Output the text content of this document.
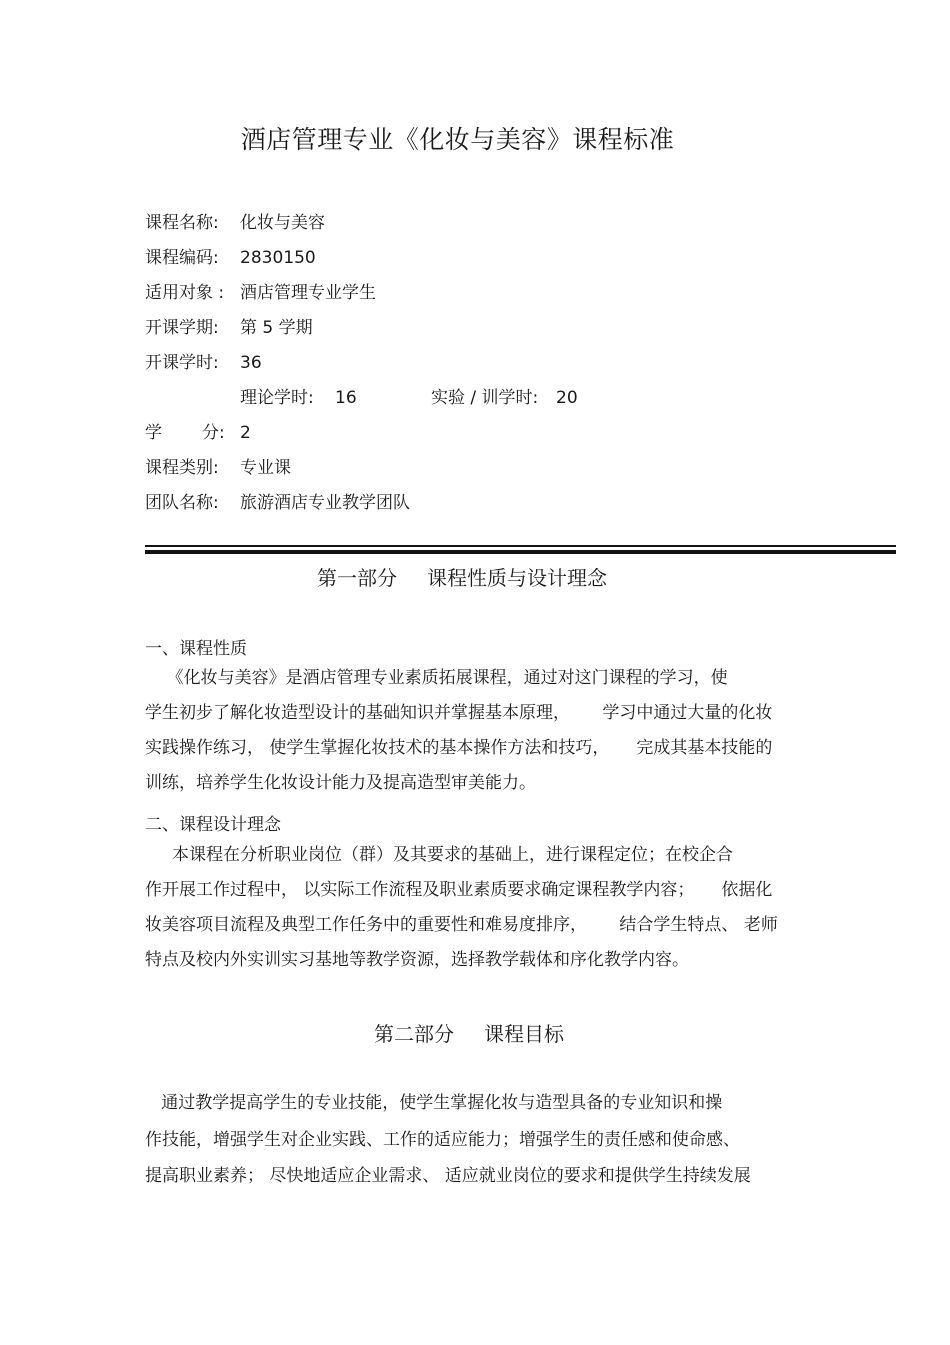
酒店管理专业《化妆与美容》课程标准
课程名称: 化妆与美容
课程编码: 2830150
适用对象 : 酒店管理专业学生
开课学期: 第 5 学期
开课学时: 36
理论学时: 16	实验 / 训学时: 20
学 分: 2
课程类别: 专业课
团队名称: 旅游酒店专业教学团队
第一部分 课程性质与设计理念
一、课程性质
《化妆与美容》是酒店管理专业素质拓展课程，通过对这门课程的学习，使
学生初步了解化妆造型设计的基础知识并掌握基本原理，      学习中通过大量的化妆
实践操作练习， 使学生掌握化妆技术的基本操作方法和技巧，     完成其基本技能的
训练，培养学生化妆设计能力及提高造型审美能力。
二、课程设计理念
本课程在分析职业岗位（群）及其要求的基础上，进行课程定位；在校企合
作开展工作过程中， 以实际工作流程及职业素质要求确定课程教学内容；     依据化
妆美容项目流程及典型工作任务中的重要性和难易度排序，      结合学生特点、 老师
特点及校内外实训实习基地等教学资源，选择教学载体和序化教学内容。
第二部分 课程目标
通过教学提高学生的专业技能，使学生掌握化妆与造型具备的专业知识和操
作技能，增强学生对企业实践、工作的适应能力；增强学生的责任感和使命感、
提高职业素养； 尽快地适应企业需求、 适应就业岗位的要求和提供学生持续发展
